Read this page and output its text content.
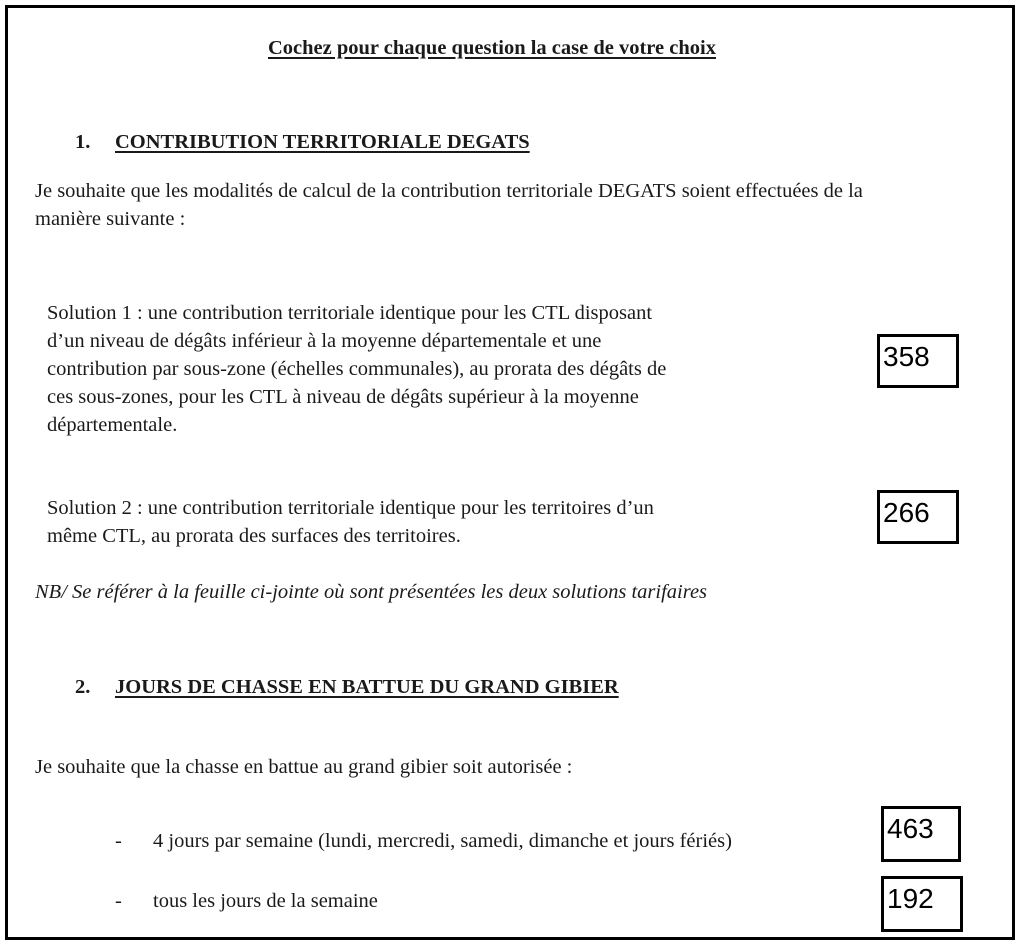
Cochez pour chaque question la case de votre choix
1. CONTRIBUTION TERRITORIALE DEGATS
Je souhaite que les modalités de calcul de la contribution territoriale DEGATS soient effectuées de la
manière suivante :
Solution 1 : une contribution territoriale identique pour les CTL disposant
d’un niveau de dégâts inférieur à la moyenne départementale et une
contribution par sous-zone (échelles communales), au prorata des dégâts de
ces sous-zones, pour les CTL à niveau de dégâts supérieur à la moyenne
départementale.
358
Solution 2 : une contribution territoriale identique pour les territoires d’un
même CTL, au prorata des surfaces des territoires.
266
NB/ Se référer à la feuille ci-jointe où sont présentées les deux solutions tarifaires
2. JOURS DE CHASSE EN BATTUE DU GRAND GIBIER
Je souhaite que la chasse en battue au grand gibier soit autorisée :
- 4 jours par semaine (lundi, mercredi, samedi, dimanche et jours fériés)	463
- tous les jours de la semaine	192
